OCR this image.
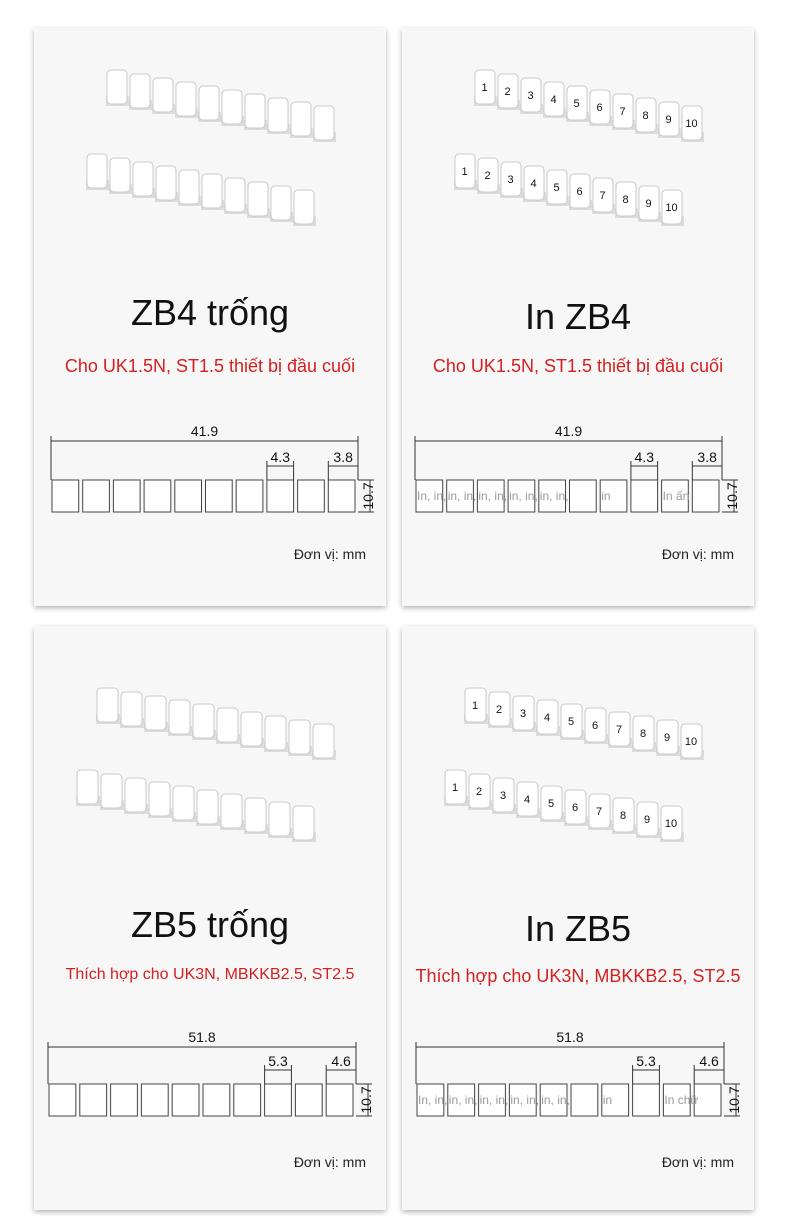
ZB4 trống
Cho UK1.5N, ST1.5 thiết bị đầu cuối
41.9
4.3	3.8
10.7
Đơn vị: mm
1 2 3 4 5 6 7 8 9 10
1 2 3 4 5 6 7 8 9 10
In ZB4
Cho UK1.5N, ST1.5 thiết bị đầu cuối
41.9
4.3	3.8
10.7
In, in, in, in, in, in, in, in, in, in,	in	In ấn
Đơn vị: mm
ZB5 trống
Thích hợp cho UK3N, MBKKB2.5, ST2.5
51.8
5.3	4.6
10.7
Đơn vị: mm
1 2 3 4 5 6 7 8 9 10
1 2 3 4 5 6 7 8 9 10
In ZB5
Thích hợp cho UK3N, MBKKB2.5, ST2.5
51.8
5.3	4.6
10.7
In, in, in, in, in, in, in, in, in, in,	in	In chữ
Đơn vị: mm
